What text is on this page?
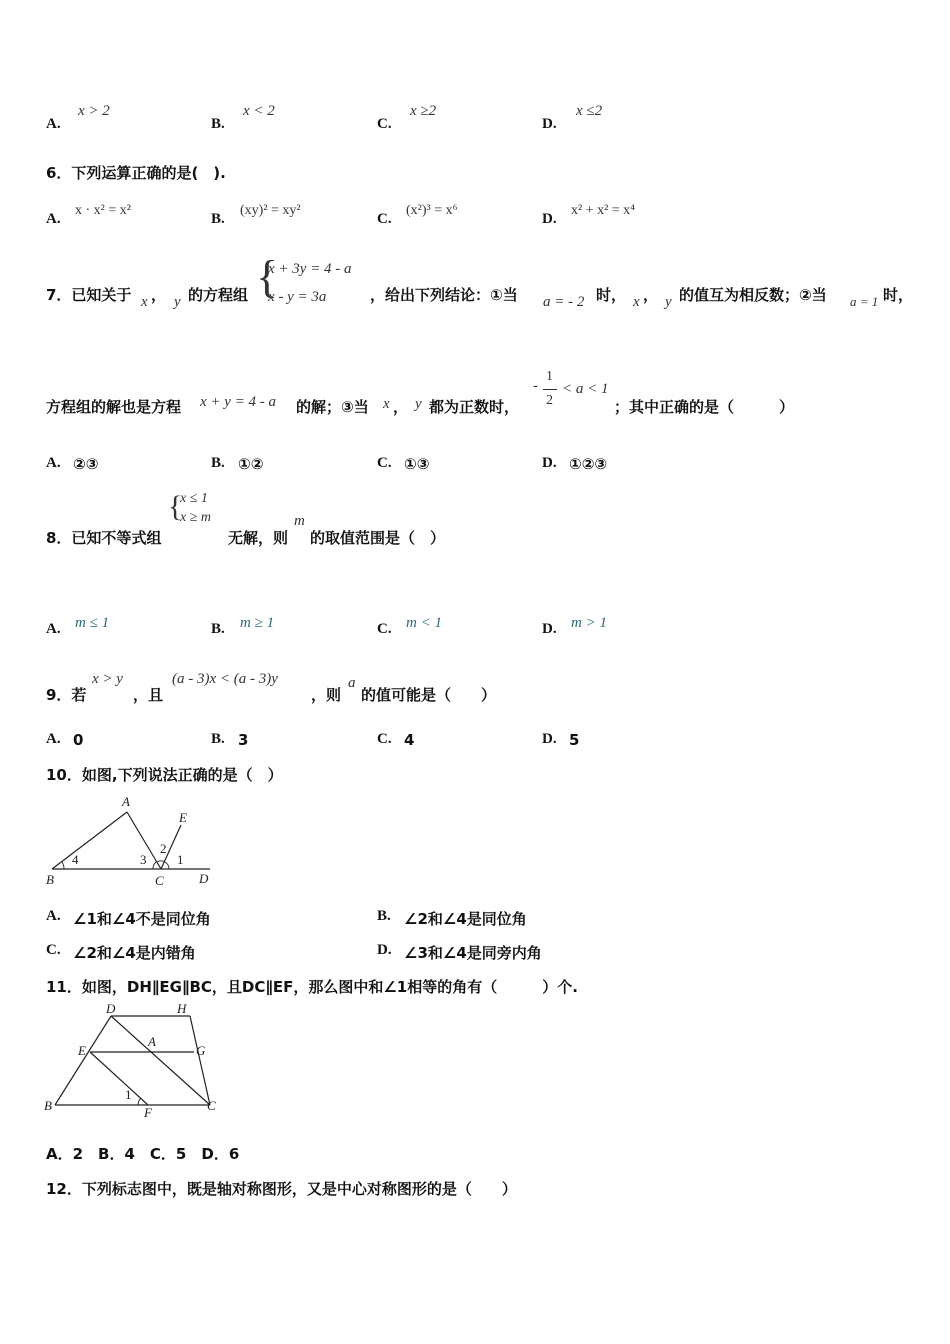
A.
x > 2
B.
x < 2
C.
x ≥2
D.
x ≤2
6．下列运算正确的是(　).
A.
x · x² = x²
B.
(xy)² = xy²
C.
(x²)³ = x⁶
D.
x² + x² = x⁴
7．已知关于 x ， y 的方程组 {
x + 3y = 4 - a
x - y = 3a	，给出下列结论：①当 a = - 2 时， x ， y 的值互为相反数；②当 a = 1 时，
方程组的解也是方程 x + y = 4 - a 的解；③当 x ， y 都为正数时，
-
1
2
< a < 1
；其中正确的是（　　　）
A. ②③	B. ①②	C. ①③	D. ①②③
8．已知不等式组
{
x ≤ 1
x ≥ m
无解，则
m
的取值范围是（　）
A. m ≤ 1	B. m ≥ 1	C. m < 1	D. m > 1
9．若
x > y
，且
(a - 3)x < (a - 3)y
，则
a
的值可能是（　　）
A. 0	B. 3	C. 4	D. 5
10．如图,下列说法正确的是（　）
A
B	C	D
E
1
2
3
4
A. ∠1和∠4不是同位角	B. ∠2和∠4是同位角
C. ∠2和∠4是内错角	D. ∠3和∠4是同旁内角
11．如图，DH∥EG∥BC，且DC∥EF，那么图中和∠1相等的角有（　　　）个.
D	H
E
A
G
B	F	C
1
A．2　B．4　C．5　D．6
12．下列标志图中，既是轴对称图形，又是中心对称图形的是（　　）
